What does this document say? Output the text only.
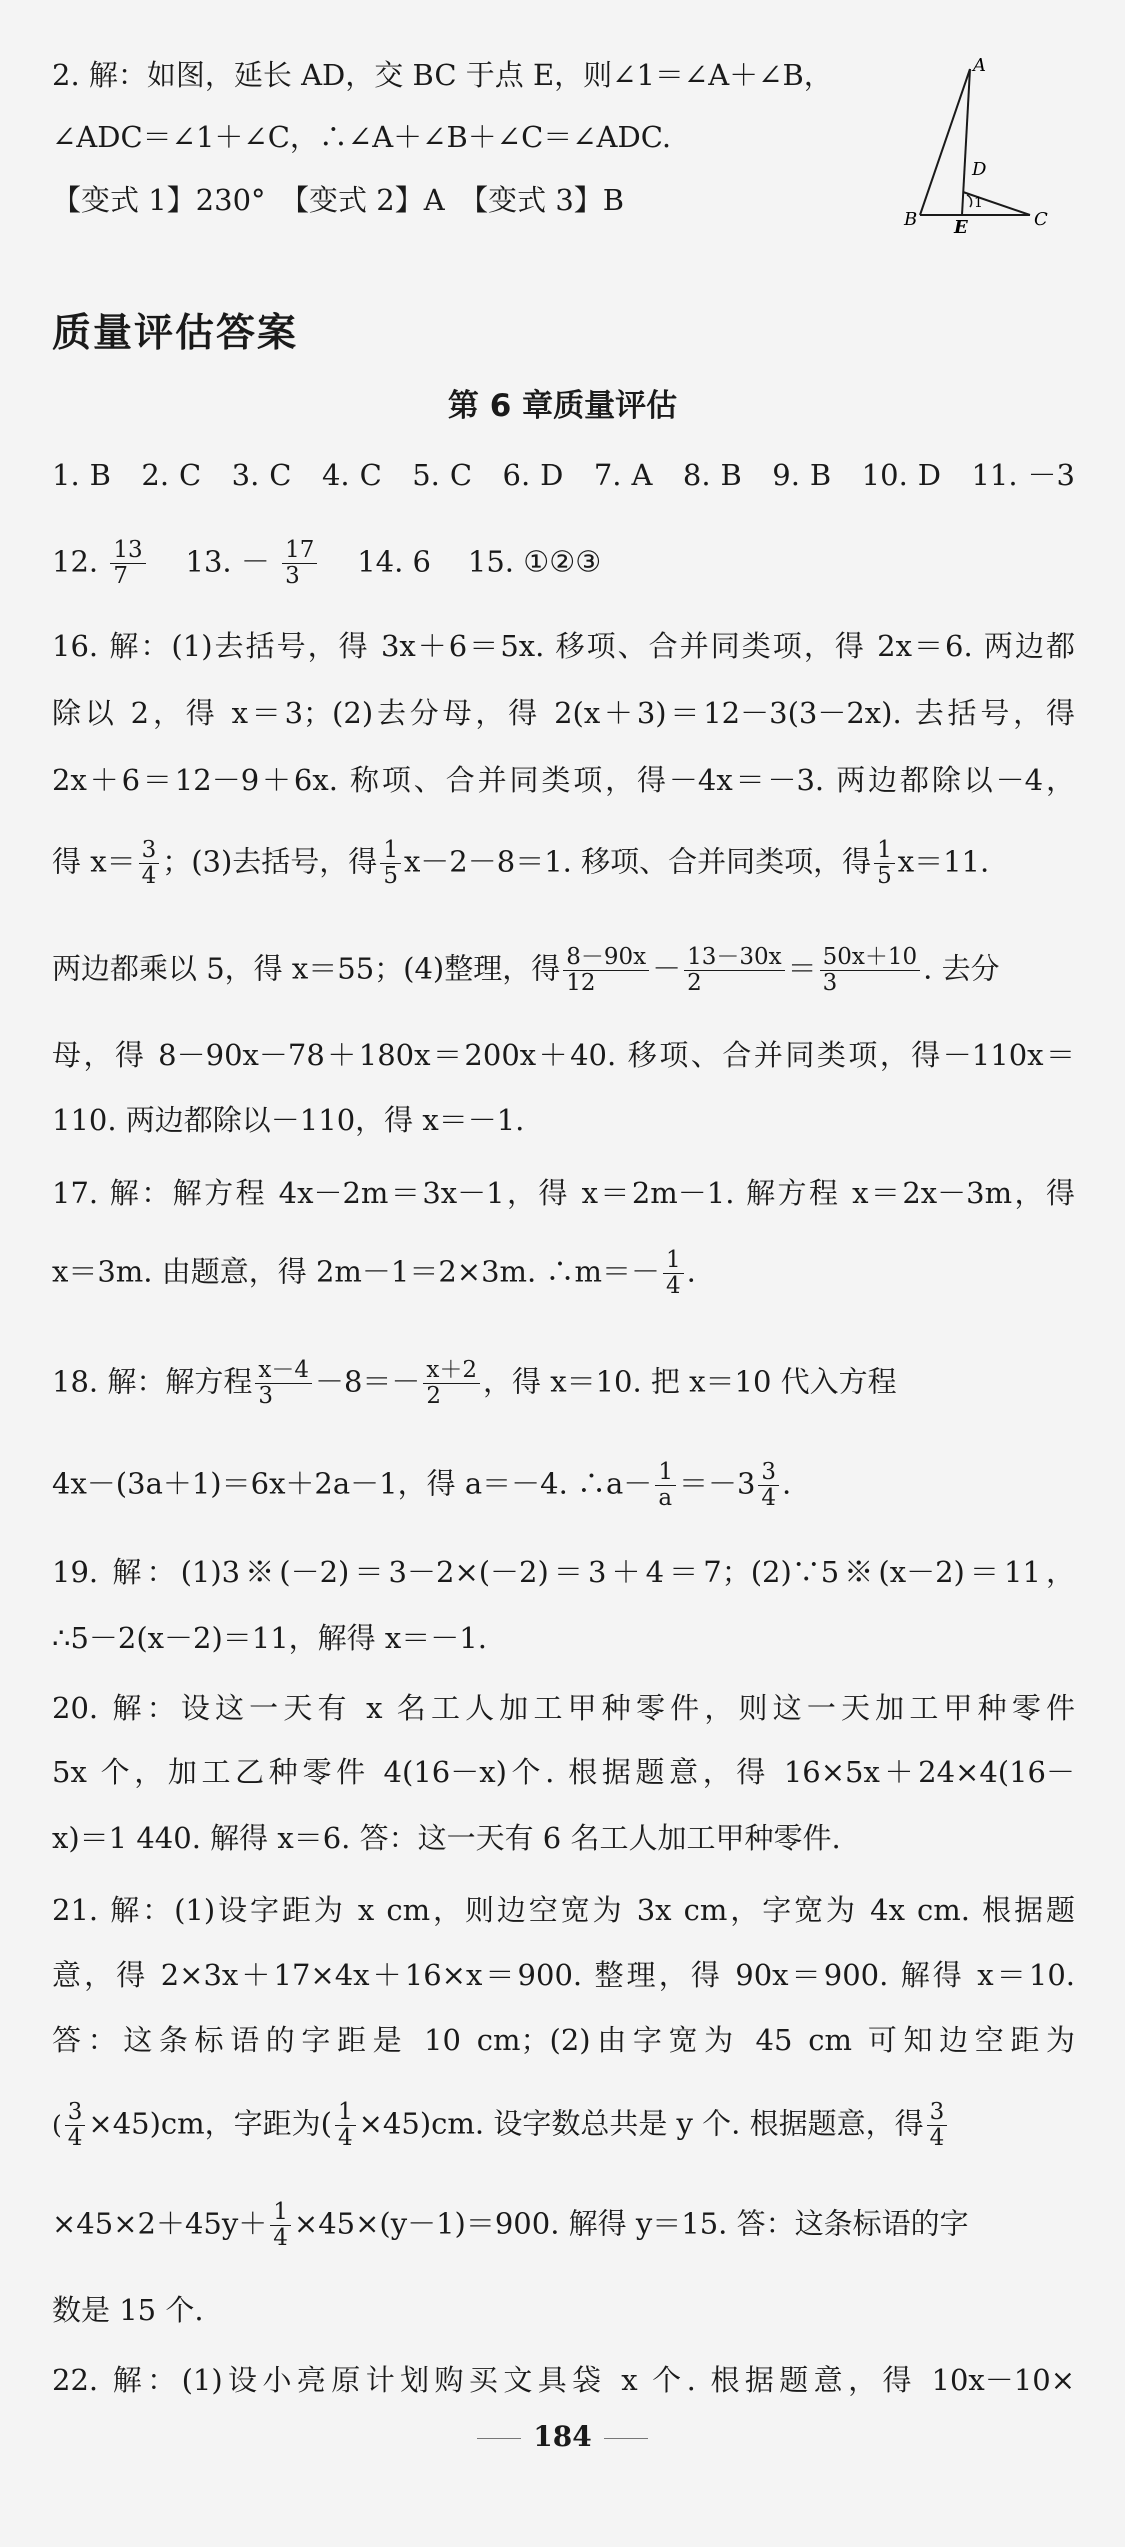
2. 解：如图，延长 AD，交 BC 于点 E，则∠1＝∠A＋∠B，
∠ADC＝∠1＋∠C，∴∠A＋∠B＋∠C＝∠ADC.
【变式 1】230°　【变式 2】A　【变式 3】B
A
D
1
B E	C
质量评估答案
第 6 章质量评估
1. B　2. C　3. C　4. C　5. C　6. D　7. A　8. B　9. B　10. D　11. －3
12. $\frac{13}{7} 13$. － $\frac{17}{3} 14$. 6 15. ①②③
16. 解：(1)去括号，得 3x＋6＝5x. 移项、合并同类项，得 2x＝6. 两边都
除以 2，得 x＝3；(2)去分母，得 2(x＋3)＝12－3(3－2x). 去括号，得
2x＋6＝12－9＋6x. 称项、合并同类项，得－4x＝－3. 两边都除以－4，
得 $x= \frac{3}{4}$ ；(3)去括号，得 $\frac{1}{5} x-2-8=1$. 移项、合并同类项，得 $\frac{1}{5} x=11$.
两边都乘以 5，得 x＝55；(4)整理，得 $\frac{8-90x}{12} - \frac{13-30x}{2} = \frac{50x+10}{3}$ . 去分
母，得 8－90x－78＋180x＝200x＋40. 移项、合并同类项，得－110x＝
110. 两边都除以－110，得 x＝－1.
17. 解：解方程 4x－2m＝3x－1，得 x＝2m－1. 解方程 x＝2x－3m，得
x＝3m. 由题意，得 2m－1＝2×3m. ∴m＝－ $\frac{1}{4}$ .
18. 解：解方程 $\frac{x-4}{3} -8=- \frac{x+2}{2}$ ，得 x＝10. 把 x＝10 代入方程
4x－(3a＋1)＝6x＋2a－1，得 a＝－4. ∴a－ $\frac{1}{a} =-3 \frac{3}{4}$ .
19. 解：(1)3※(－2)＝3－2×(－2)＝3＋4＝7；(2)∵5※(x－2)＝11，
∴5－2(x－2)＝11，解得 x＝－1.
20. 解：设这一天有 x 名工人加工甲种零件，则这一天加工甲种零件
5x 个，加工乙种零件 4(16－x)个. 根据题意，得 16×5x＋24×4(16－
x)＝1 440. 解得 x＝6. 答：这一天有 6 名工人加工甲种零件.
21. 解：(1)设字距为 x cm，则边空宽为 3x cm，字宽为 4x cm. 根据题
意，得 2×3x＋17×4x＋16×x＝900. 整理，得 90x＝900. 解得 x＝10.
答：这条标语的字距是 10 cm；(2)由字宽为 45 cm 可知边空距为
( $\frac{3}{4} \times 45)cm$，字距为( $\frac{1}{4} \times 45)cm$. 设字数总共是 y 个. 根据题意，得 $\frac{3}{4}$
$\times 45\times 2+45y+ \frac{1}{4} \times 45\times(y-1)=900$. 解得 y＝15. 答：这条标语的字
数是 15 个.
22. 解：(1)设小亮原计划购买文具袋 x 个. 根据题意，得 10x－10×
184
